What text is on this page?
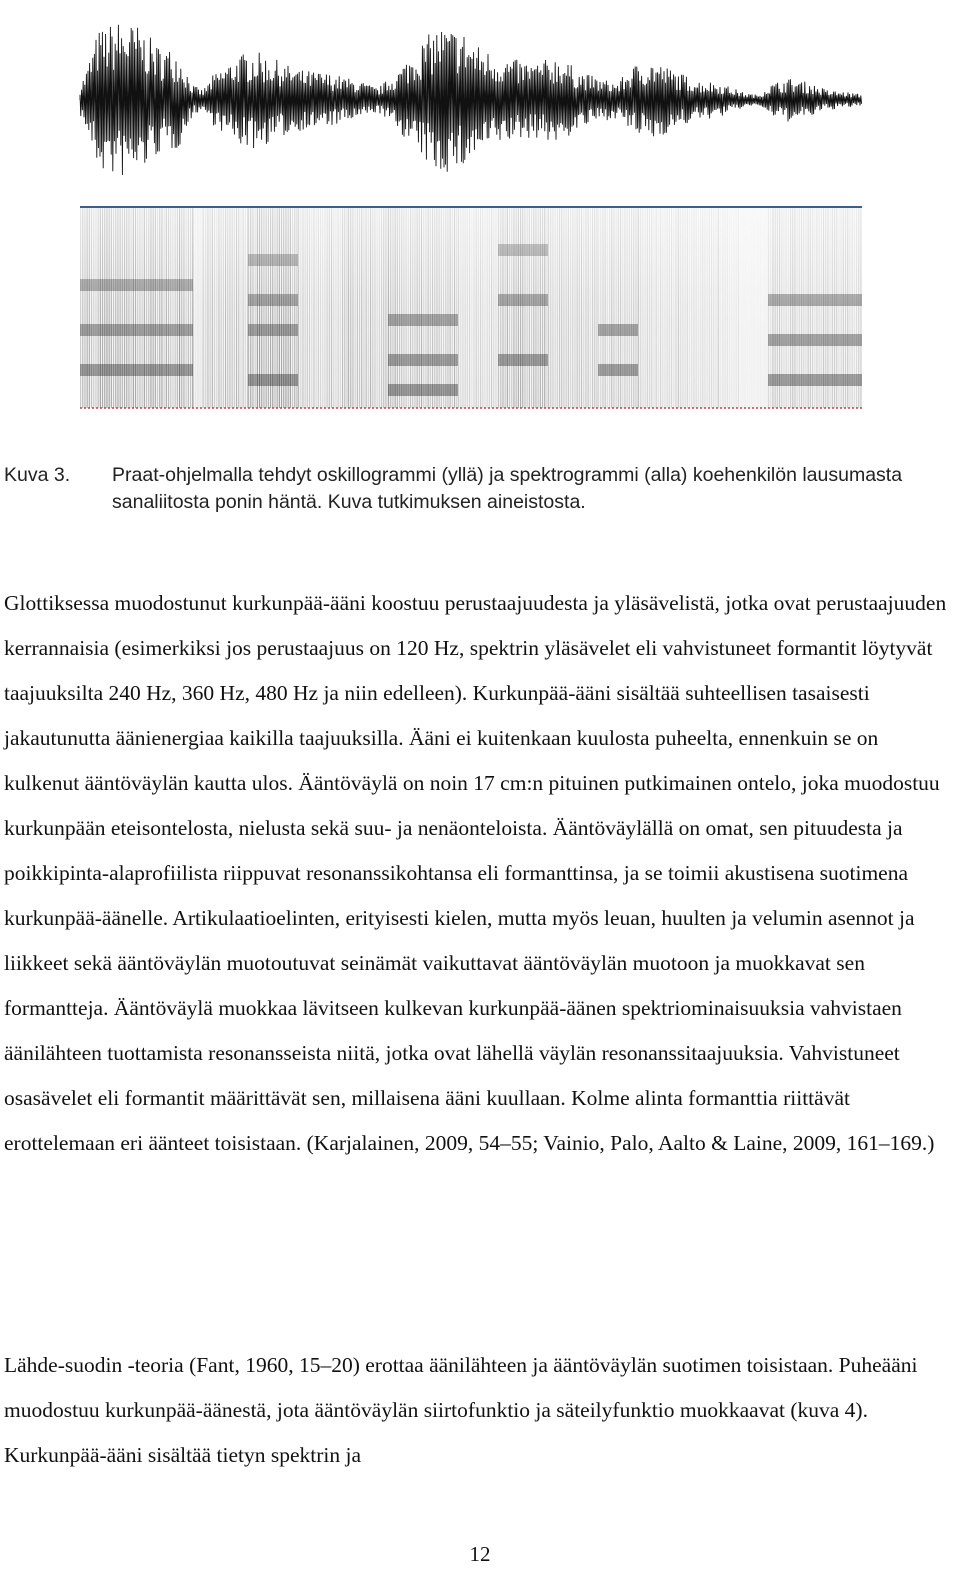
Kuva 3. Praat-ohjelmalla tehdyt oskillogrammi (yllä) ja spektrogrammi (alla) koehenkilön lausumasta sanaliitosta ponin häntä. Kuva tutkimuksen aineistosta.

Glottiksessa muodostunut kurkunpää-ääni koostuu perustaajuudesta ja yläsävelistä, jotka ovat perustaajuuden kerrannaisia (esimerkiksi jos perustaajuus on 120 Hz, spektrin yläsävelet eli vahvistuneet formantit löytyvät taajuuksilta 240 Hz, 360 Hz, 480 Hz ja niin edelleen). Kurkunpää-ääni sisältää suhteellisen tasaisesti jakautunutta äänienergiaa kaikilla taajuuksilla. Ääni ei kuitenkaan kuulosta puheelta, ennenkuin se on kulkenut ääntöväylän kautta ulos. Ääntöväylä on noin 17 cm:n pituinen putkimainen ontelo, joka muodostuu kurkunpään eteisontelosta, nielusta sekä suu- ja nenäonteloista. Ääntöväylällä on omat, sen pituudesta ja poikkipinta-alaprofiilista riippuvat resonanssikohtansa eli formanttinsa, ja se toimii akustisena suotimena kurkunpää-äänelle. Artikulaatioelinten, erityisesti kielen, mutta myös leuan, huulten ja velumin asennot ja liikkeet sekä ääntöväylän muotoutuvat seinämät vaikuttavat ääntöväylän muotoon ja muokkavat sen formantteja. Ääntöväylä muokkaa lävitseen kulkevan kurkunpää-äänen spektriominaisuuksia vahvistaen äänilähteen tuottamista resonansseista niitä, jotka ovat lähellä väylän resonanssitaajuuksia. Vahvistuneet osasävelet eli formantit määrittävät sen, millaisena ääni kuullaan. Kolme alinta formanttia riittävät erottelemaan eri äänteet toisistaan. (Karjalainen, 2009, 54–55; Vainio, Palo, Aalto & Laine, 2009, 161–169.)

Lähde-suodin -teoria (Fant, 1960, 15–20) erottaa äänilähteen ja ääntöväylän suotimen toisistaan. Puheääni muodostuu kurkunpää-äänestä, jota ääntöväylän siirtofunktio ja säteilyfunktio muokkaavat (kuva 4). Kurkunpää-ääni sisältää tietyn spektrin ja

12
